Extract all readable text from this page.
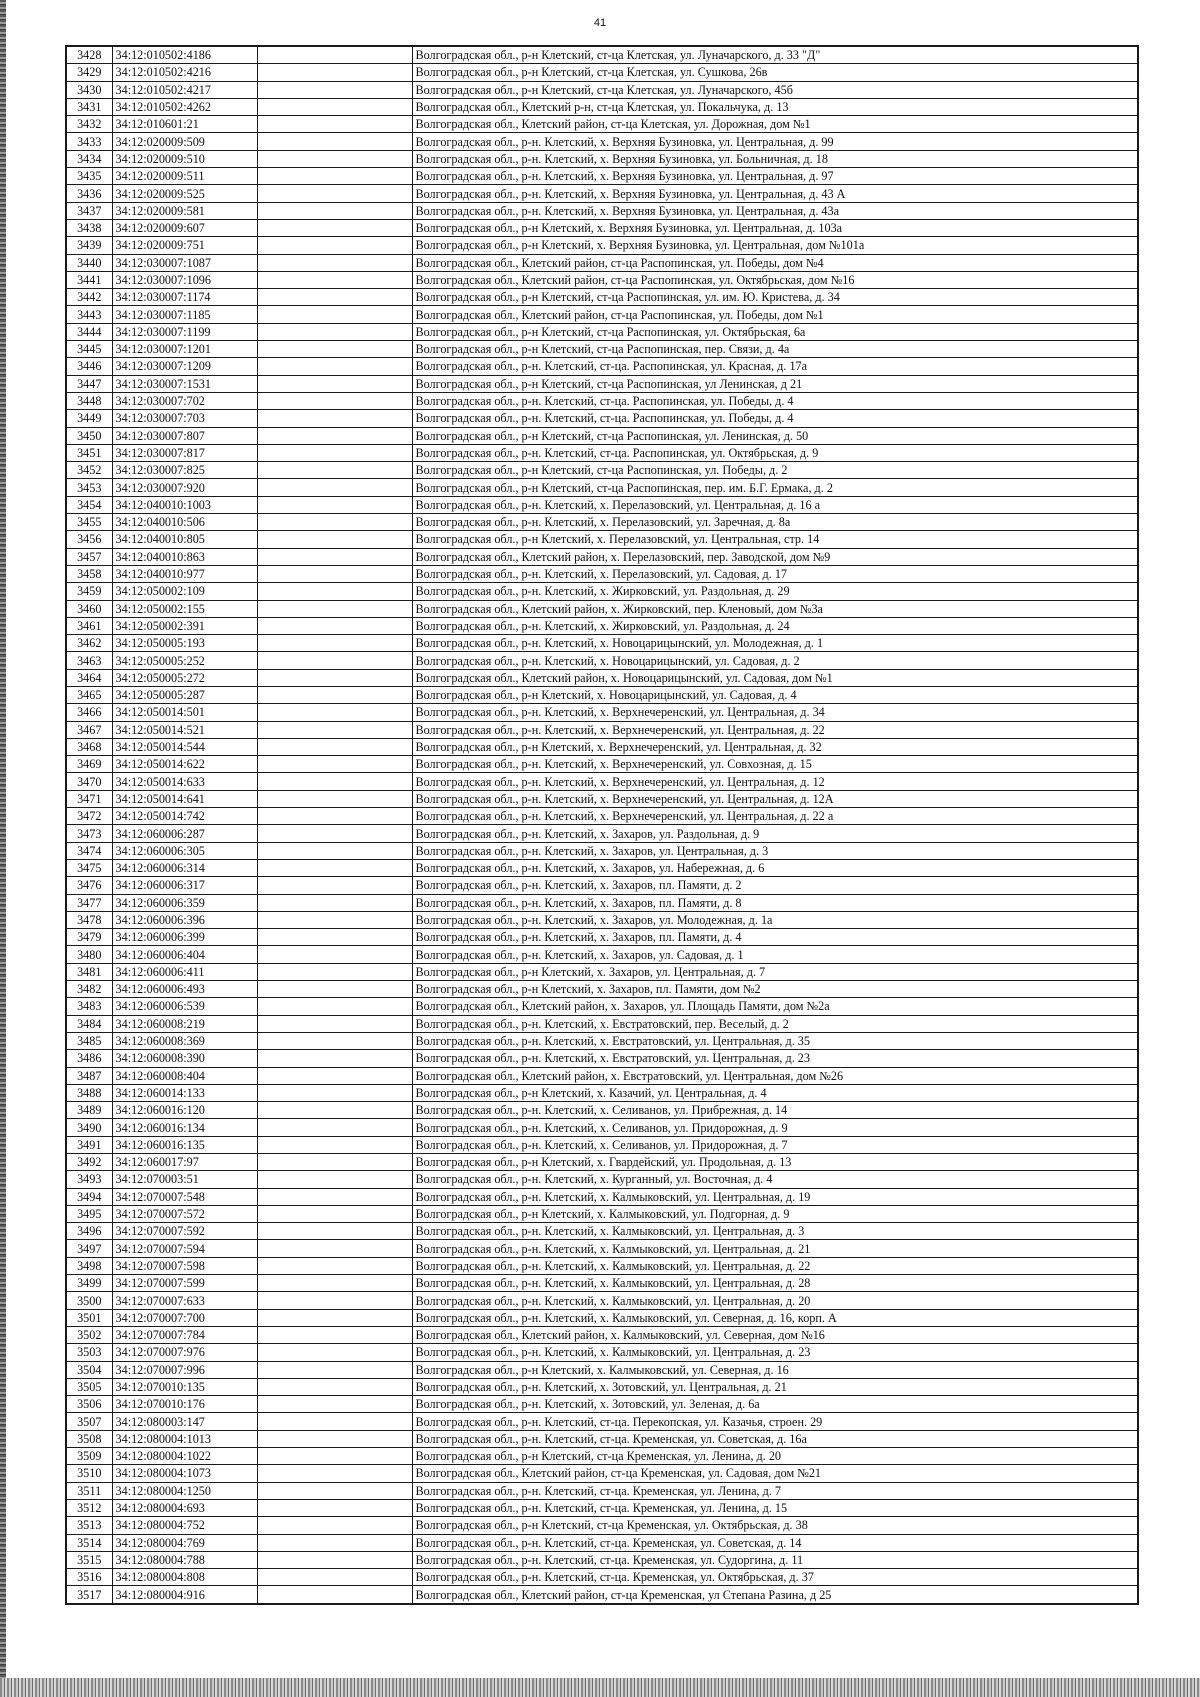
41
3428	34:12:010502:4186		Волгоградская обл., р-н Клетский, ст-ца Клетская, ул. Луначарского, д. 33 "Д"
3429	34:12:010502:4216		Волгоградская обл., р-н Клетский, ст-ца Клетская, ул. Сушкова, 26в
3430	34:12:010502:4217		Волгоградская обл., р-н Клетский, ст-ца Клетская, ул. Луначарского, 45б
3431	34:12:010502:4262		Волгоградская обл., Клетский р-н, ст-ца Клетская, ул. Покальчука, д. 13
3432	34:12:010601:21		Волгоградская обл., Клетский район, ст-ца Клетская, ул. Дорожная, дом №1
3433	34:12:020009:509		Волгоградская обл., р-н. Клетский, х. Верхняя Бузиновка, ул. Центральная, д. 99
3434	34:12:020009:510		Волгоградская обл., р-н. Клетский, х. Верхняя Бузиновка, ул. Больничная, д. 18
3435	34:12:020009:511		Волгоградская обл., р-н. Клетский, х. Верхняя Бузиновка, ул. Центральная, д. 97
3436	34:12:020009:525		Волгоградская обл., р-н. Клетский, х. Верхняя Бузиновка, ул. Центральная, д. 43 А
3437	34:12:020009:581		Волгоградская обл., р-н. Клетский, х. Верхняя Бузиновка, ул. Центральная, д. 43а
3438	34:12:020009:607		Волгоградская обл., р-н Клетский, х. Верхняя Бузиновка, ул. Центральная, д. 103а
3439	34:12:020009:751		Волгоградская обл., р-н Клетский, х. Верхняя Бузиновка, ул. Центральная, дом №101а
3440	34:12:030007:1087		Волгоградская обл., Клетский район, ст-ца Распопинская, ул. Победы, дом №4
3441	34:12:030007:1096		Волгоградская обл., Клетский район, ст-ца Распопинская, ул. Октябрьская, дом №16
3442	34:12:030007:1174		Волгоградская обл., р-н Клетский, ст-ца Распопинская, ул. им. Ю. Кристева, д. 34
3443	34:12:030007:1185		Волгоградская обл., Клетский район, ст-ца Распопинская, ул. Победы, дом №1
3444	34:12:030007:1199		Волгоградская обл., р-н Клетский, ст-ца Распопинская, ул. Октябрьская, 6а
3445	34:12:030007:1201		Волгоградская обл., р-н Клетский, ст-ца Распопинская, пер. Связи, д. 4а
3446	34:12:030007:1209		Волгоградская обл., р-н. Клетский, ст-ца. Распопинская, ул. Красная, д. 17а
3447	34:12:030007:1531		Волгоградская обл., р-н Клетский, ст-ца Распопинская, ул Ленинская, д 21
3448	34:12:030007:702		Волгоградская обл., р-н. Клетский, ст-ца. Распопинская, ул. Победы, д. 4
3449	34:12:030007:703		Волгоградская обл., р-н. Клетский, ст-ца. Распопинская, ул. Победы, д. 4
3450	34:12:030007:807		Волгоградская обл., р-н Клетский, ст-ца Распопинская, ул. Ленинская, д. 50
3451	34:12:030007:817		Волгоградская обл., р-н. Клетский, ст-ца. Распопинская, ул. Октябрьская, д. 9
3452	34:12:030007:825		Волгоградская обл., р-н Клетский, ст-ца Распопинская, ул. Победы, д. 2
3453	34:12:030007:920		Волгоградская обл., р-н Клетский, ст-ца Распопинская, пер. им. Б.Г. Ермака, д. 2
3454	34:12:040010:1003		Волгоградская обл., р-н. Клетский, х. Перелазовский, ул. Центральная, д. 16 а
3455	34:12:040010:506		Волгоградская обл., р-н. Клетский, х. Перелазовский, ул. Заречная, д. 8а
3456	34:12:040010:805		Волгоградская обл., р-н Клетский, х. Перелазовский, ул. Центральная, стр. 14
3457	34:12:040010:863		Волгоградская обл., Клетский район, х. Перелазовский, пер. Заводской, дом №9
3458	34:12:040010:977		Волгоградская обл., р-н. Клетский, х. Перелазовский, ул. Садовая, д. 17
3459	34:12:050002:109		Волгоградская обл., р-н. Клетский, х. Жирковский, ул. Раздольная, д. 29
3460	34:12:050002:155		Волгоградская обл., Клетский район, х. Жирковский, пер. Кленовый, дом №3а
3461	34:12:050002:391		Волгоградская обл., р-н. Клетский, х. Жирковский, ул. Раздольная, д. 24
3462	34:12:050005:193		Волгоградская обл., р-н. Клетский, х. Новоцарицынский, ул. Молодежная, д. 1
3463	34:12:050005:252		Волгоградская обл., р-н. Клетский, х. Новоцарицынский, ул. Садовая, д. 2
3464	34:12:050005:272		Волгоградская обл., Клетский район, х. Новоцарицынский, ул. Садовая, дом №1
3465	34:12:050005:287		Волгоградская обл., р-н Клетский, х. Новоцарицынский, ул. Садовая, д. 4
3466	34:12:050014:501		Волгоградская обл., р-н. Клетский, х. Верхнечеренский, ул. Центральная, д. 34
3467	34:12:050014:521		Волгоградская обл., р-н. Клетский, х. Верхнечеренский, ул. Центральная, д. 22
3468	34:12:050014:544		Волгоградская обл., р-н Клетский, х. Верхнечеренский, ул. Центральная, д. 32
3469	34:12:050014:622		Волгоградская обл., р-н. Клетский, х. Верхнечеренский, ул. Совхозная, д. 15
3470	34:12:050014:633		Волгоградская обл., р-н. Клетский, х. Верхнечеренский, ул. Центральная, д. 12
3471	34:12:050014:641		Волгоградская обл., р-н. Клетский, х. Верхнечеренский, ул. Центральная, д. 12А
3472	34:12:050014:742		Волгоградская обл., р-н. Клетский, х. Верхнечеренский, ул. Центральная, д. 22 а
3473	34:12:060006:287		Волгоградская обл., р-н. Клетский, х. Захаров, ул. Раздольная, д. 9
3474	34:12:060006:305		Волгоградская обл., р-н. Клетский, х. Захаров, ул. Центральная, д. 3
3475	34:12:060006:314		Волгоградская обл., р-н. Клетский, х. Захаров, ул. Набережная, д. 6
3476	34:12:060006:317		Волгоградская обл., р-н. Клетский, х. Захаров, пл. Памяти, д. 2
3477	34:12:060006:359		Волгоградская обл., р-н. Клетский, х. Захаров, пл. Памяти, д. 8
3478	34:12:060006:396		Волгоградская обл., р-н. Клетский, х. Захаров, ул. Молодежная, д. 1а
3479	34:12:060006:399		Волгоградская обл., р-н. Клетский, х. Захаров, пл. Памяти, д. 4
3480	34:12:060006:404		Волгоградская обл., р-н. Клетский, х. Захаров, ул. Садовая, д. 1
3481	34:12:060006:411		Волгоградская обл., р-н Клетский, х. Захаров, ул. Центральная, д. 7
3482	34:12:060006:493		Волгоградская обл., р-н Клетский, х. Захаров, пл. Памяти, дом №2
3483	34:12:060006:539		Волгоградская обл., Клетский район, х. Захаров, ул. Площадь Памяти, дом №2а
3484	34:12:060008:219		Волгоградская обл., р-н. Клетский, х. Евстратовский, пер. Веселый, д. 2
3485	34:12:060008:369		Волгоградская обл., р-н. Клетский, х. Евстратовский, ул. Центральная, д. 35
3486	34:12:060008:390		Волгоградская обл., р-н. Клетский, х. Евстратовский, ул. Центральная, д. 23
3487	34:12:060008:404		Волгоградская обл., Клетский район, х. Евстратовский, ул. Центральная, дом №26
3488	34:12:060014:133		Волгоградская обл., р-н Клетский, х. Казачий, ул. Центральная, д. 4
3489	34:12:060016:120		Волгоградская обл., р-н. Клетский, х. Селиванов, ул. Прибрежная, д. 14
3490	34:12:060016:134		Волгоградская обл., р-н. Клетский, х. Селиванов, ул. Придорожная, д. 9
3491	34:12:060016:135		Волгоградская обл., р-н. Клетский, х. Селиванов, ул. Придорожная, д. 7
3492	34:12:060017:97		Волгоградская обл., р-н Клетский, х. Гвардейский, ул. Продольная, д. 13
3493	34:12:070003:51		Волгоградская обл., р-н. Клетский, х. Курганный, ул. Восточная, д. 4
3494	34:12:070007:548		Волгоградская обл., р-н. Клетский, х. Калмыковский, ул. Центральная, д. 19
3495	34:12:070007:572		Волгоградская обл., р-н Клетский, х. Калмыковский, ул. Подгорная, д. 9
3496	34:12:070007:592		Волгоградская обл., р-н. Клетский, х. Калмыковский, ул. Центральная, д. 3
3497	34:12:070007:594		Волгоградская обл., р-н. Клетский, х. Калмыковский, ул. Центральная, д. 21
3498	34:12:070007:598		Волгоградская обл., р-н. Клетский, х. Калмыковский, ул. Центральная, д. 22
3499	34:12:070007:599		Волгоградская обл., р-н. Клетский, х. Калмыковский, ул. Центральная, д. 28
3500	34:12:070007:633		Волгоградская обл., р-н. Клетский, х. Калмыковский, ул. Центральная, д. 20
3501	34:12:070007:700		Волгоградская обл., р-н. Клетский, х. Калмыковский, ул. Северная, д. 16, корп. А
3502	34:12:070007:784		Волгоградская обл., Клетский район, х. Калмыковский, ул. Северная, дом №16
3503	34:12:070007:976		Волгоградская обл., р-н. Клетский, х. Калмыковский, ул. Центральная, д. 23
3504	34:12:070007:996		Волгоградская обл., р-н Клетский, х. Калмыковский, ул. Северная, д. 16
3505	34:12:070010:135		Волгоградская обл., р-н. Клетский, х. Зотовский, ул. Центральная, д. 21
3506	34:12:070010:176		Волгоградская обл., р-н. Клетский, х. Зотовский, ул. Зеленая, д. 6а
3507	34:12:080003:147		Волгоградская обл., р-н. Клетский, ст-ца. Перекопская, ул. Казачья, строен. 29
3508	34:12:080004:1013		Волгоградская обл., р-н. Клетский, ст-ца. Кременская, ул. Советская, д. 16а
3509	34:12:080004:1022		Волгоградская обл., р-н Клетский, ст-ца Кременская, ул. Ленина, д. 20
3510	34:12:080004:1073		Волгоградская обл., Клетский район, ст-ца Кременская, ул. Садовая, дом №21
3511	34:12:080004:1250		Волгоградская обл., р-н. Клетский, ст-ца. Кременская, ул. Ленина, д. 7
3512	34:12:080004:693		Волгоградская обл., р-н. Клетский, ст-ца. Кременская, ул. Ленина, д. 15
3513	34:12:080004:752		Волгоградская обл., р-н Клетский, ст-ца Кременская, ул. Октябрьская, д. 38
3514	34:12:080004:769		Волгоградская обл., р-н. Клетский, ст-ца. Кременская, ул. Советская, д. 14
3515	34:12:080004:788		Волгоградская обл., р-н. Клетский, ст-ца. Кременская, ул. Судоргина, д. 11
3516	34:12:080004:808		Волгоградская обл., р-н. Клетский, ст-ца. Кременская, ул. Октябрьская, д. 37
3517	34:12:080004:916		Волгоградская обл., Клетский район, ст-ца Кременская, ул Степана Разина, д 25
